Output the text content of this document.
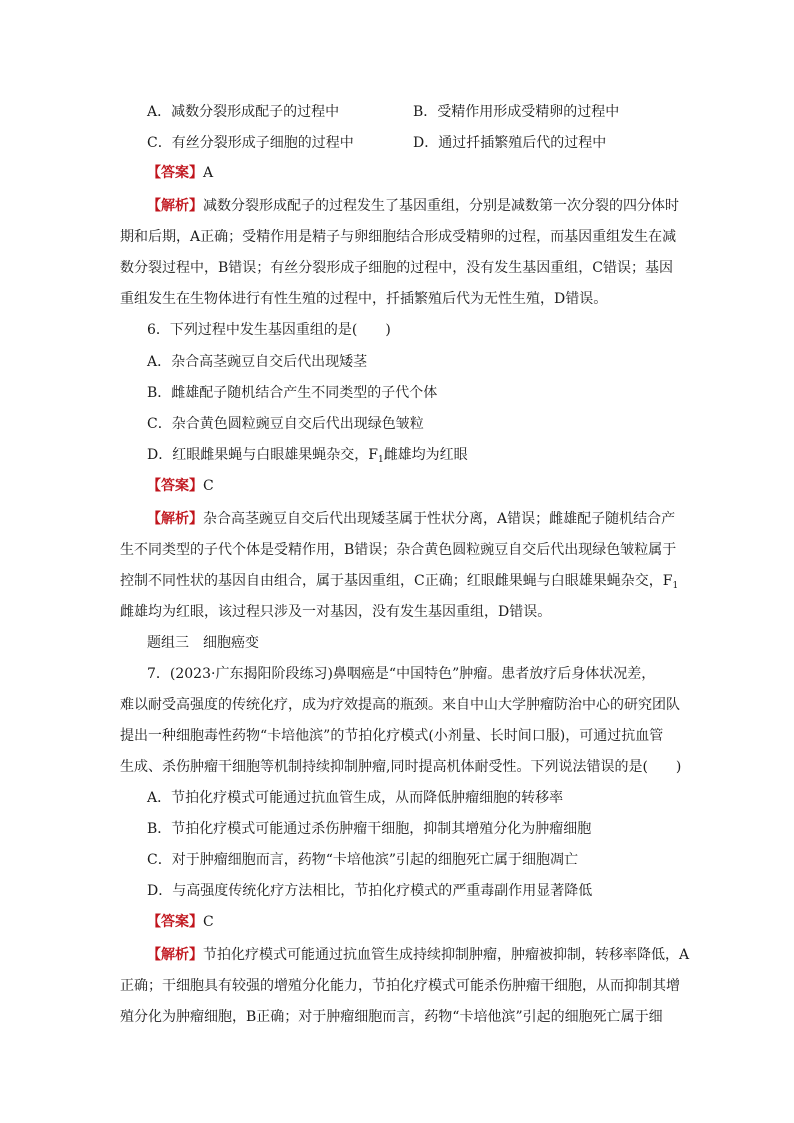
A．减数分裂形成配子的过程中	B．受精作用形成受精卵的过程中
C．有丝分裂形成子细胞的过程中	D．通过扦插繁殖后代的过程中
【答案】A
【解析】减数分裂形成配子的过程发生了基因重组，分别是减数第一次分裂的四分体时
期和后期，A正确；受精作用是精子与卵细胞结合形成受精卵的过程，而基因重组发生在减
数分裂过程中，B错误；有丝分裂形成子细胞的过程中，没有发生基因重组，C错误；基因
重组发生在生物体进行有性生殖的过程中，扦插繁殖后代为无性生殖，D错误。
6．下列过程中发生基因重组的是(　　)
A．杂合高茎豌豆自交后代出现矮茎
B．雌雄配子随机结合产生不同类型的子代个体
C．杂合黄色圆粒豌豆自交后代出现绿色皱粒
D．红眼雌果蝇与白眼雄果蝇杂交，$F_1$雌雄均为红眼
【答案】C
【解析】杂合高茎豌豆自交后代出现矮茎属于性状分离，A错误；雌雄配子随机结合产
生不同类型的子代个体是受精作用，B错误；杂合黄色圆粒豌豆自交后代出现绿色皱粒属于
控制不同性状的基因自由组合，属于基因重组，C正确；红眼雌果蝇与白眼雄果蝇杂交，$F_1$
雌雄均为红眼，该过程只涉及一对基因，没有发生基因重组，D错误。
题组三　细胞癌变
7．(2023·广东揭阳阶段练习)鼻咽癌是“中国特色”肿瘤。患者放疗后身体状况差，
难以耐受高强度的传统化疗，成为疗效提高的瓶颈。来自中山大学肿瘤防治中心的研究团队
提出一种细胞毒性药物“卡培他滨”的节拍化疗模式(小剂量、长时间口服)，可通过抗血管
生成、杀伤肿瘤干细胞等机制持续抑制肿瘤,同时提高机体耐受性。下列说法错误的是(　　)
A．节拍化疗模式可能通过抗血管生成，从而降低肿瘤细胞的转移率
B．节拍化疗模式可能通过杀伤肿瘤干细胞，抑制其增殖分化为肿瘤细胞
C．对于肿瘤细胞而言，药物“卡培他滨”引起的细胞死亡属于细胞凋亡
D．与高强度传统化疗方法相比，节拍化疗模式的严重毒副作用显著降低
【答案】C
【解析】节拍化疗模式可能通过抗血管生成持续抑制肿瘤，肿瘤被抑制，转移率降低，A
正确；干细胞具有较强的增殖分化能力，节拍化疗模式可能杀伤肿瘤干细胞，从而抑制其增
殖分化为肿瘤细胞，B正确；对于肿瘤细胞而言，药物“卡培他滨”引起的细胞死亡属于细
